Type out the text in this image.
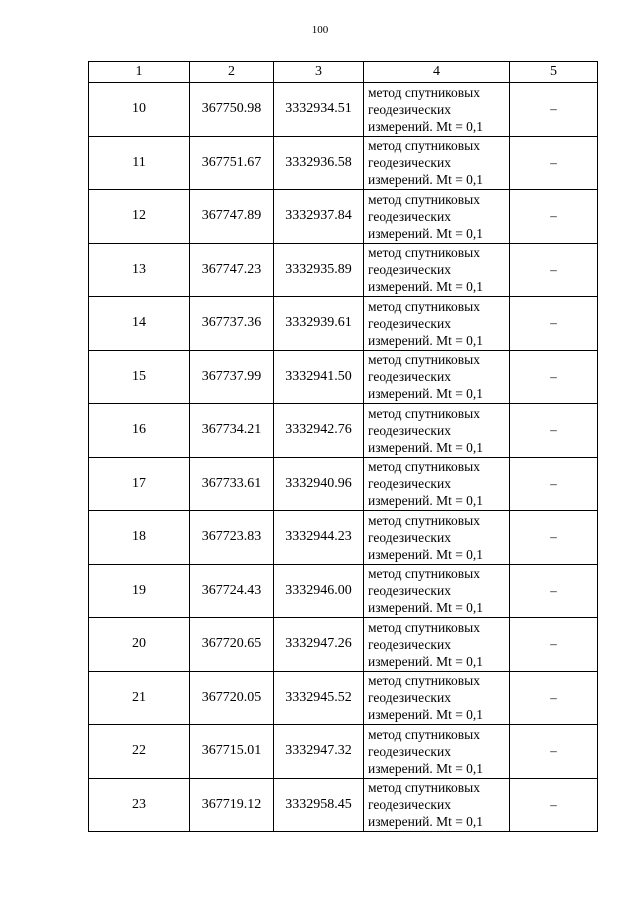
100
1	2	3	4	5
10	367750.98	3332934.51	метод спутниковых
геодезических
измерений. Mt = 0,1	–
11	367751.67	3332936.58	метод спутниковых
геодезических
измерений. Mt = 0,1	–
12	367747.89	3332937.84	метод спутниковых
геодезических
измерений. Mt = 0,1	–
13	367747.23	3332935.89	метод спутниковых
геодезических
измерений. Mt = 0,1	–
14	367737.36	3332939.61	метод спутниковых
геодезических
измерений. Mt = 0,1	–
15	367737.99	3332941.50	метод спутниковых
геодезических
измерений. Mt = 0,1	–
16	367734.21	3332942.76	метод спутниковых
геодезических
измерений. Mt = 0,1	–
17	367733.61	3332940.96	метод спутниковых
геодезических
измерений. Mt = 0,1	–
18	367723.83	3332944.23	метод спутниковых
геодезических
измерений. Mt = 0,1	–
19	367724.43	3332946.00	метод спутниковых
геодезических
измерений. Mt = 0,1	–
20	367720.65	3332947.26	метод спутниковых
геодезических
измерений. Mt = 0,1	–
21	367720.05	3332945.52	метод спутниковых
геодезических
измерений. Mt = 0,1	–
22	367715.01	3332947.32	метод спутниковых
геодезических
измерений. Mt = 0,1	–
23	367719.12	3332958.45	метод спутниковых
геодезических
измерений. Mt = 0,1	–
